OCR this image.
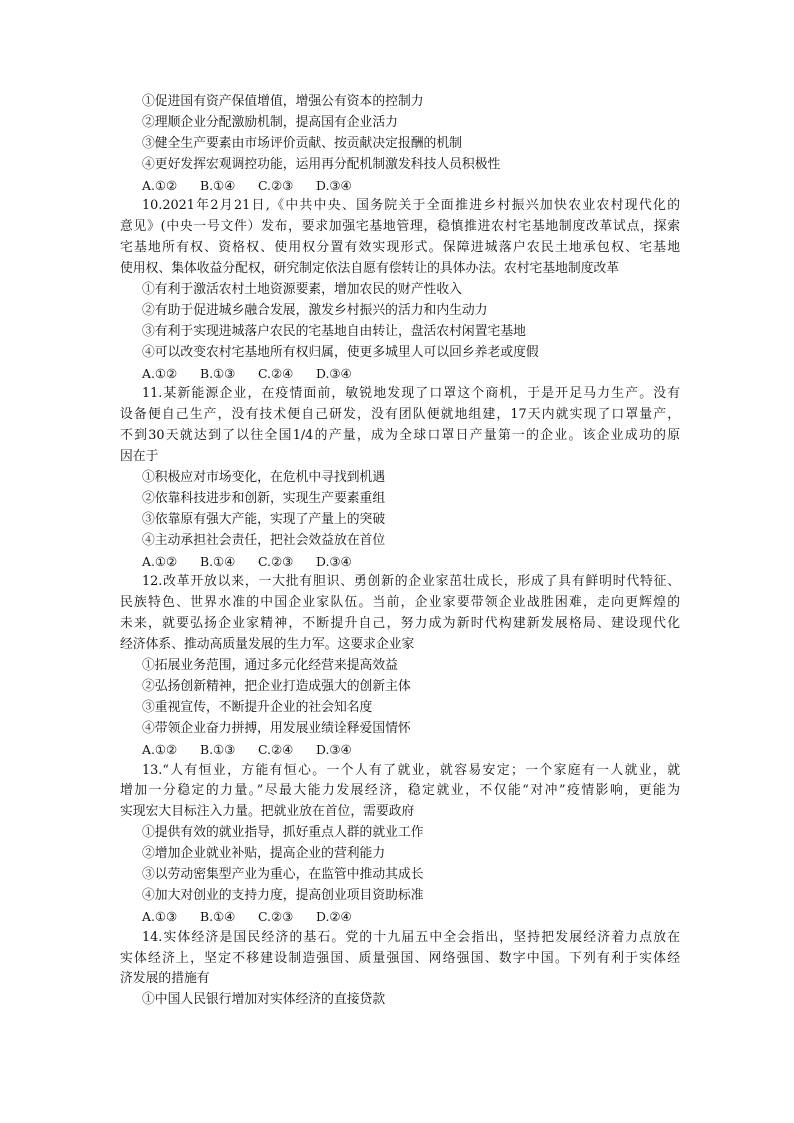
①促进国有资产保值增值，增强公有资本的控制力
②理顺企业分配激励机制，提高国有企业活力
③健全生产要素由市场评价贡献、按贡献决定报酬的机制
④更好发挥宏观调控功能，运用再分配机制激发科技人员积极性
A.①② B.①④ C.②③ D.③④
10.2021年2月21日,《中共中央、国务院关于全面推进乡村振兴加快农业农村现代化的
意见》(中央一号文件）发布，要求加强宅基地管理，稳慎推进农村宅基地制度改革试点，探索
宅基地所有权、资格权、使用权分置有效实现形式。保障进城落户农民土地承包权、宅基地
使用权、集体收益分配权，研究制定依法自愿有偿转让的具体办法。农村宅基地制度改革
①有利于激活农村土地资源要素，增加农民的财产性收入
②有助于促进城乡融合发展，激发乡村振兴的活力和内生动力
③有利于实现进城落户农民的宅基地自由转让，盘活农村闲置宅基地
④可以改变农村宅基地所有权归属，使更多城里人可以回乡养老或度假
A.①② B.①③ C.②④ D.③④
11.某新能源企业，在疫情面前，敏锐地发现了口罩这个商机，于是开足马力生产。没有
设备便自己生产，没有技术便自己研发，没有团队便就地组建，17天内就实现了口罩量产，
不到30天就达到了以往全国1/4的产量，成为全球口罩日产量第一的企业。该企业成功的原
因在于
①积极应对市场变化，在危机中寻找到机遇
②依靠科技进步和创新，实现生产要素重组
③依靠原有强大产能，实现了产量上的突破
④主动承担社会责任，把社会效益放在首位
A.①② B.①④ C.②③ D.③④
12.改革开放以来，一大批有胆识、勇创新的企业家茁壮成长，形成了具有鲜明时代特征、
民族特色、世界水准的中国企业家队伍。当前，企业家要带领企业战胜困难，走向更辉煌的
未来，就要弘扬企业家精神，不断提升自己，努力成为新时代构建新发展格局、建设现代化
经济体系、推动高质量发展的生力军。这要求企业家
①拓展业务范围，通过多元化经营来提高效益
②弘扬创新精神，把企业打造成强大的创新主体
③重视宣传，不断提升企业的社会知名度
④带领企业奋力拼搏，用发展业绩诠释爱国情怀
A.①② B.①③ C.②④ D.③④
13.“人有恒业，方能有恒心。一个人有了就业，就容易安定；一个家庭有一人就业，就
增加一分稳定的力量。”尽最大能力发展经济，稳定就业，不仅能“对冲”疫情影响，更能为
实现宏大目标注入力量。把就业放在首位，需要政府
①提供有效的就业指导，抓好重点人群的就业工作
②增加企业就业补贴，提高企业的营利能力
③以劳动密集型产业为重心，在监管中推动其成长
④加大对创业的支持力度，提高创业项目资助标准
A.①③ B.①④ C.②③ D.②④
14.实体经济是国民经济的基石。党的十九届五中全会指出，坚持把发展经济着力点放在
实体经济上，坚定不移建设制造强国、质量强国、网络强国、数字中国。下列有利于实体经
济发展的措施有
①中国人民银行增加对实体经济的直接贷款
